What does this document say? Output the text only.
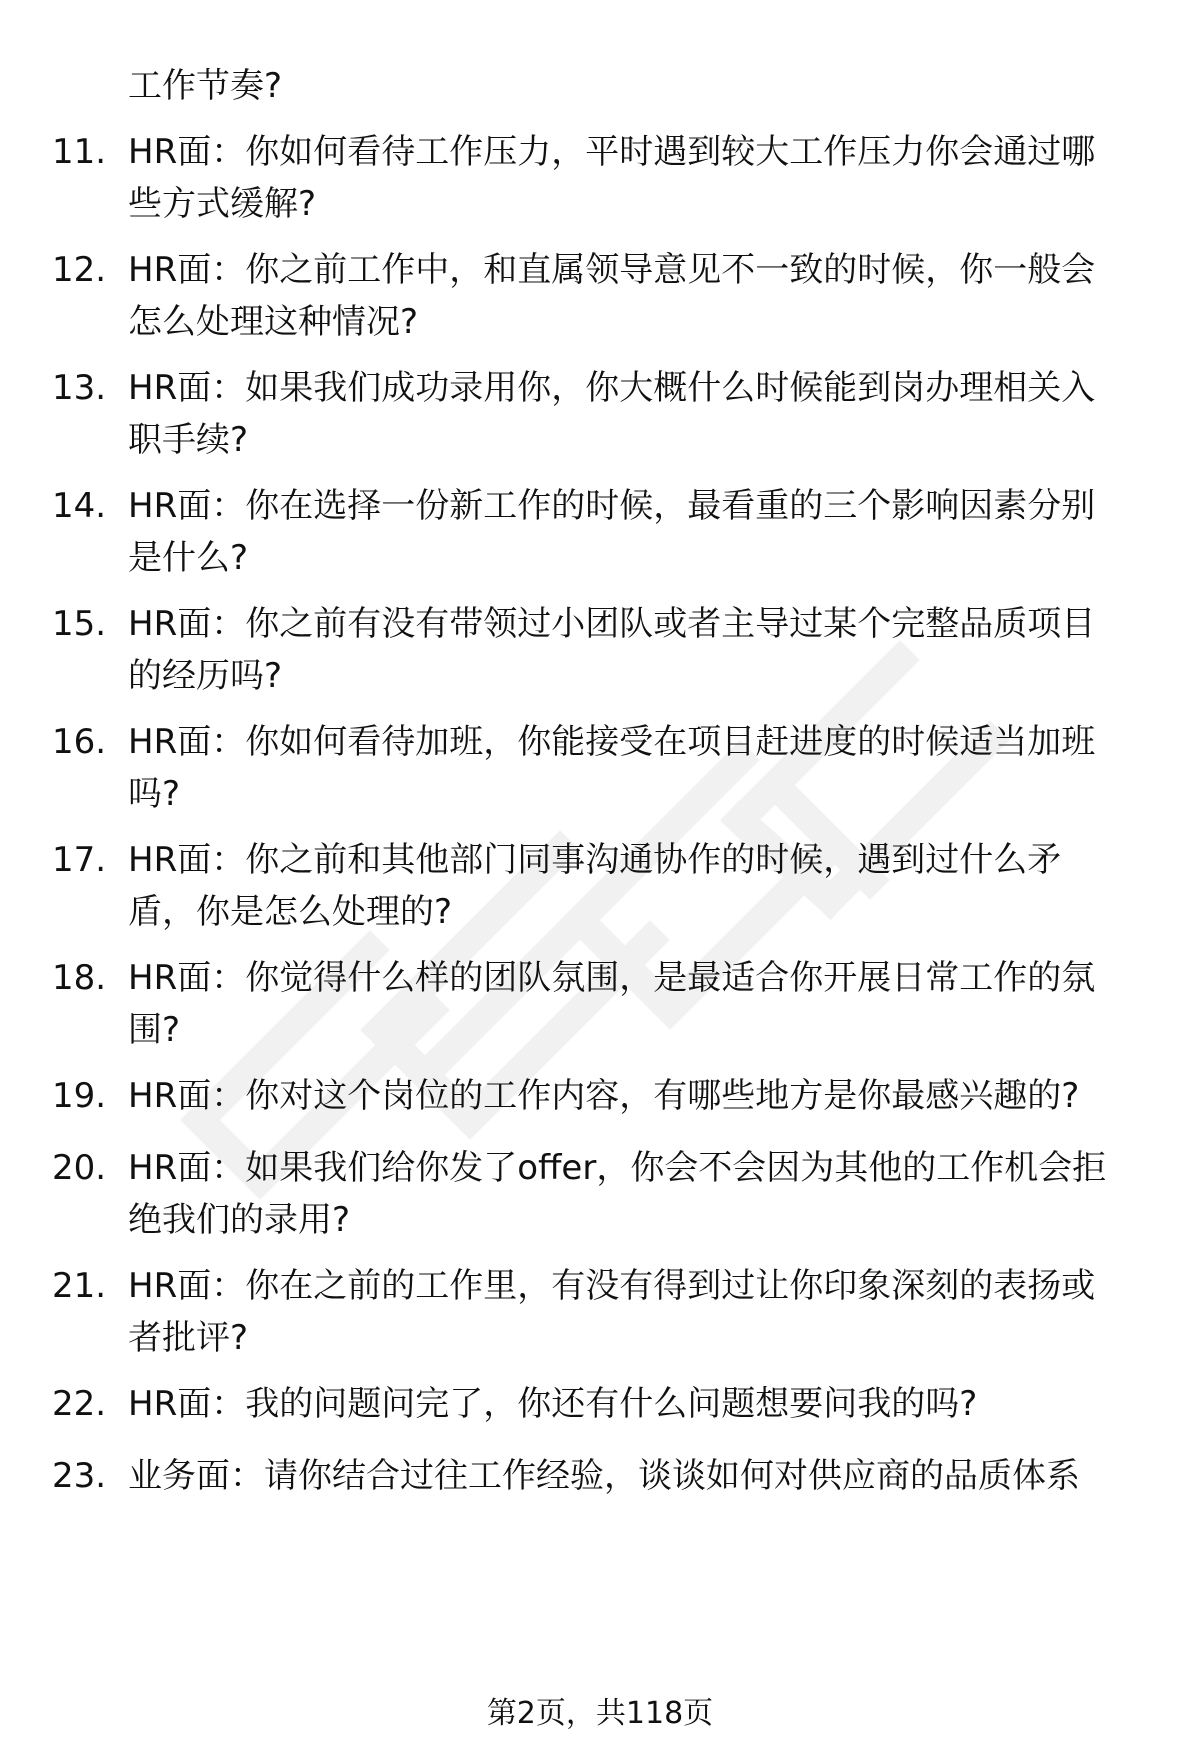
工作节奏?

11. HR面：你如何看待工作压力，平时遇到较大工作压力你会通过哪些方式缓解?
12. HR面：你之前工作中，和直属领导意见不一致的时候，你一般会怎么处理这种情况?
13. HR面：如果我们成功录用你，你大概什么时候能到岗办理相关入职手续?
14. HR面：你在选择一份新工作的时候，最看重的三个影响因素分别是什么?
15. HR面：你之前有没有带领过小团队或者主导过某个完整品质项目的经历吗?
16. HR面：你如何看待加班，你能接受在项目赶进度的时候适当加班吗?
17. HR面：你之前和其他部门同事沟通协作的时候，遇到过什么矛盾，你是怎么处理的?
18. HR面：你觉得什么样的团队氛围，是最适合你开展日常工作的氛围?
19. HR面：你对这个岗位的工作内容，有哪些地方是你最感兴趣的?
20. HR面：如果我们给你发了offer，你会不会因为其他的工作机会拒绝我们的录用?
21. HR面：你在之前的工作里，有没有得到过让你印象深刻的表扬或者批评?
22. HR面：我的问题问完了，你还有什么问题想要问我的吗?
23. 业务面：请你结合过往工作经验，谈谈如何对供应商的品质体系
第2页，共118页
